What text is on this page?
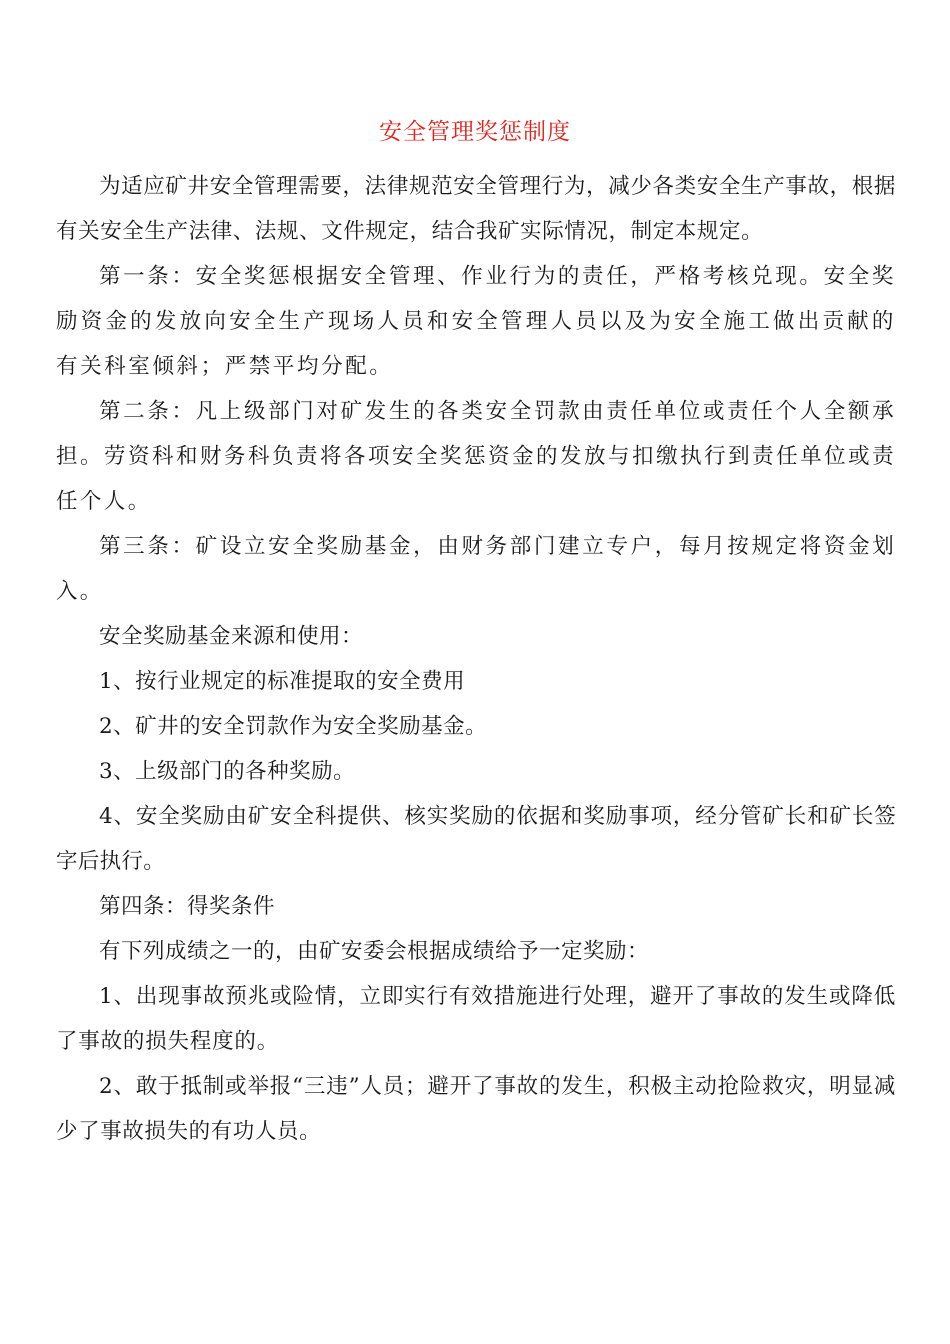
安全管理奖惩制度

为适应矿井安全管理需要，法律规范安全管理行为，减少各类安全生产事故，根据有关安全生产法律、法规、文件规定，结合我矿实际情况，制定本规定。

第一条：安全奖惩根据安全管理、作业行为的责任，严格考核兑现。安全奖励资金的发放向安全生产现场人员和安全管理人员以及为安全施工做出贡献的有关科室倾斜；严禁平均分配。

第二条：凡上级部门对矿发生的各类安全罚款由责任单位或责任个人全额承担。劳资科和财务科负责将各项安全奖惩资金的发放与扣缴执行到责任单位或责任个人。

第三条：矿设立安全奖励基金，由财务部门建立专户，每月按规定将资金划入。

安全奖励基金来源和使用：

1、按行业规定的标准提取的安全费用

2、矿井的安全罚款作为安全奖励基金。

3、上级部门的各种奖励。

4、安全奖励由矿安全科提供、核实奖励的依据和奖励事项，经分管矿长和矿长签字后执行。

第四条：得奖条件

有下列成绩之一的，由矿安委会根据成绩给予一定奖励：

1、出现事故预兆或险情，立即实行有效措施进行处理，避开了事故的发生或降低了事故的损失程度的。

2、敢于抵制或举报“三违”人员；避开了事故的发生，积极主动抢险救灾，明显减少了事故损失的有功人员。
